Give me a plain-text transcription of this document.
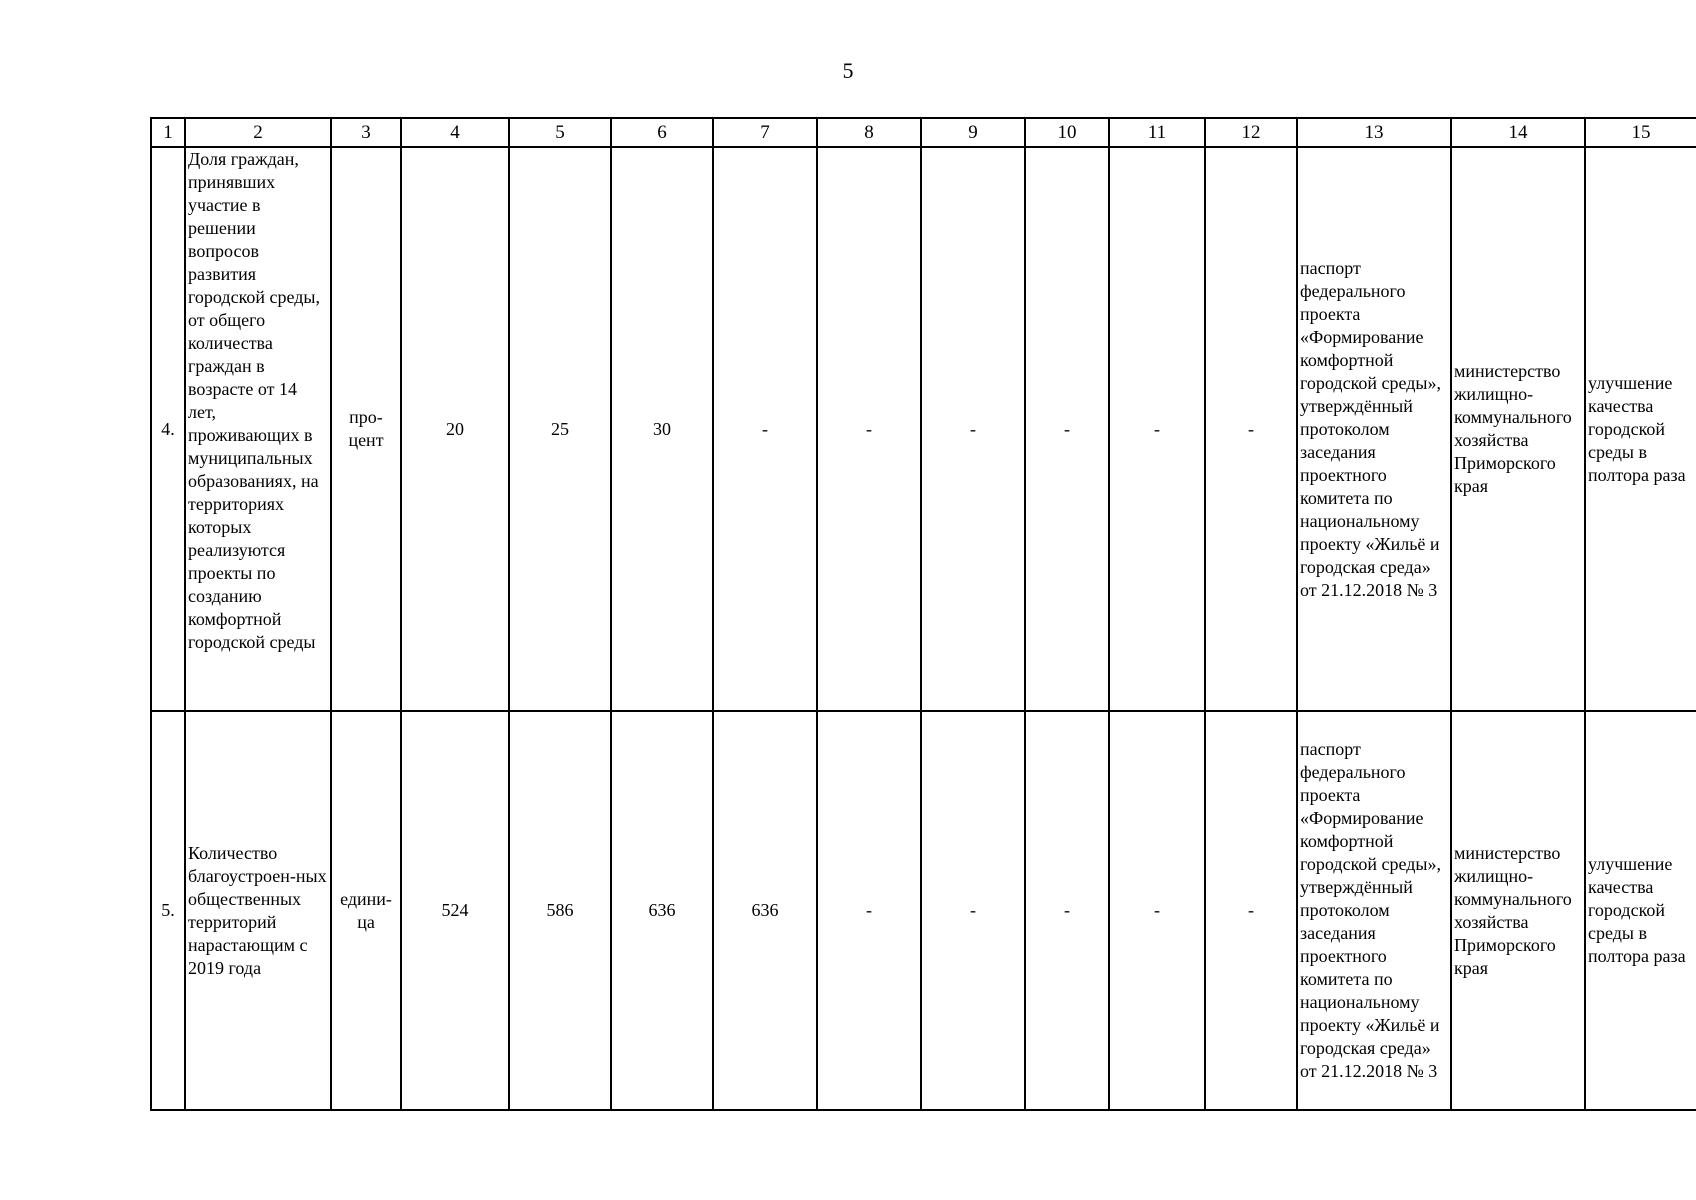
5
1	2	3	4	5	6	7	8	9	10	11	12	13	14	15
4.	Доля граждан, принявших участие в решении вопросов развития городской среды, от общего количества граждан в возрасте от 14 лет, проживающих в муниципальных образованиях, на территориях которых реализуются проекты по созданию комфортной городской среды	про-цент	20	25	30	-	-	-	-	-	-	паспорт федерального проекта «Формирование комфортной городской среды», утверждённый протоколом заседания проектного комитета по национальному проекту «Жильё и городская среда» от 21.12.2018 № 3	министерство жилищно-коммунального хозяйства Приморского края	улучшение качества городской среды в полтора раза
5.	Количество благоустроен-ных общественных территорий нарастающим с 2019 года	едини-ца	524	586	636	636	-	-	-	-	-	паспорт федерального проекта «Формирование комфортной городской среды», утверждённый протоколом заседания проектного комитета по национальному проекту «Жильё и городская среда» от 21.12.2018 № 3	министерство жилищно-коммунального хозяйства Приморского края	улучшение качества городской среды в полтора раза
